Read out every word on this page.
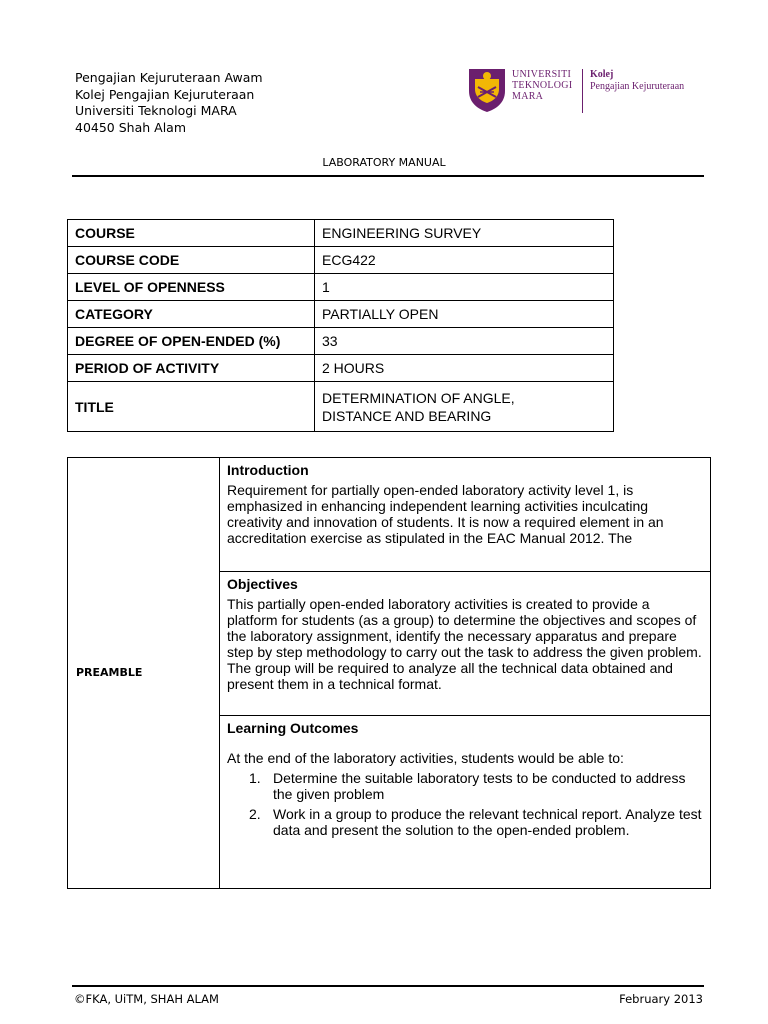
Pengajian Kejuruteraan Awam
Kolej Pengajian Kejuruteraan
Universiti Teknologi MARA
40450 Shah Alam
UNIVERSITI
TEKNOLOGI
MARA
Kolej
Pengajian Kejuruteraan
LABORATORY MANUAL
COURSE	ENGINEERING SURVEY
COURSE CODE	ECG422
LEVEL OF OPENNESS	1
CATEGORY	PARTIALLY OPEN
DEGREE OF OPEN-ENDED (%)	33
PERIOD OF ACTIVITY	2 HOURS
TITLE	DETERMINATION OF ANGLE,
DISTANCE AND BEARING
PREAMBLE
Introduction

Requirement for partially open-ended laboratory activity level 1, is emphasized in enhancing independent learning activities inculcating creativity and innovation of students. It is now a required element in an accreditation exercise as stipulated in the EAC Manual 2012. The

Objectives

This partially open-ended laboratory activities is created to provide a platform for students (as a group) to determine the objectives and scopes of the laboratory assignment, identify the necessary apparatus and prepare step by step methodology to carry out the task to address the given problem. The group will be required to analyze all the technical data obtained and present them in a technical format.

Learning Outcomes

At the end of the laboratory activities, students would be able to:

1. Determine the suitable laboratory tests to be conducted to address the given problem
2. Work in a group to produce the relevant technical report. Analyze test data and present the solution to the open-ended problem.
©FKA, UiTM, SHAH ALAM	February 2013
